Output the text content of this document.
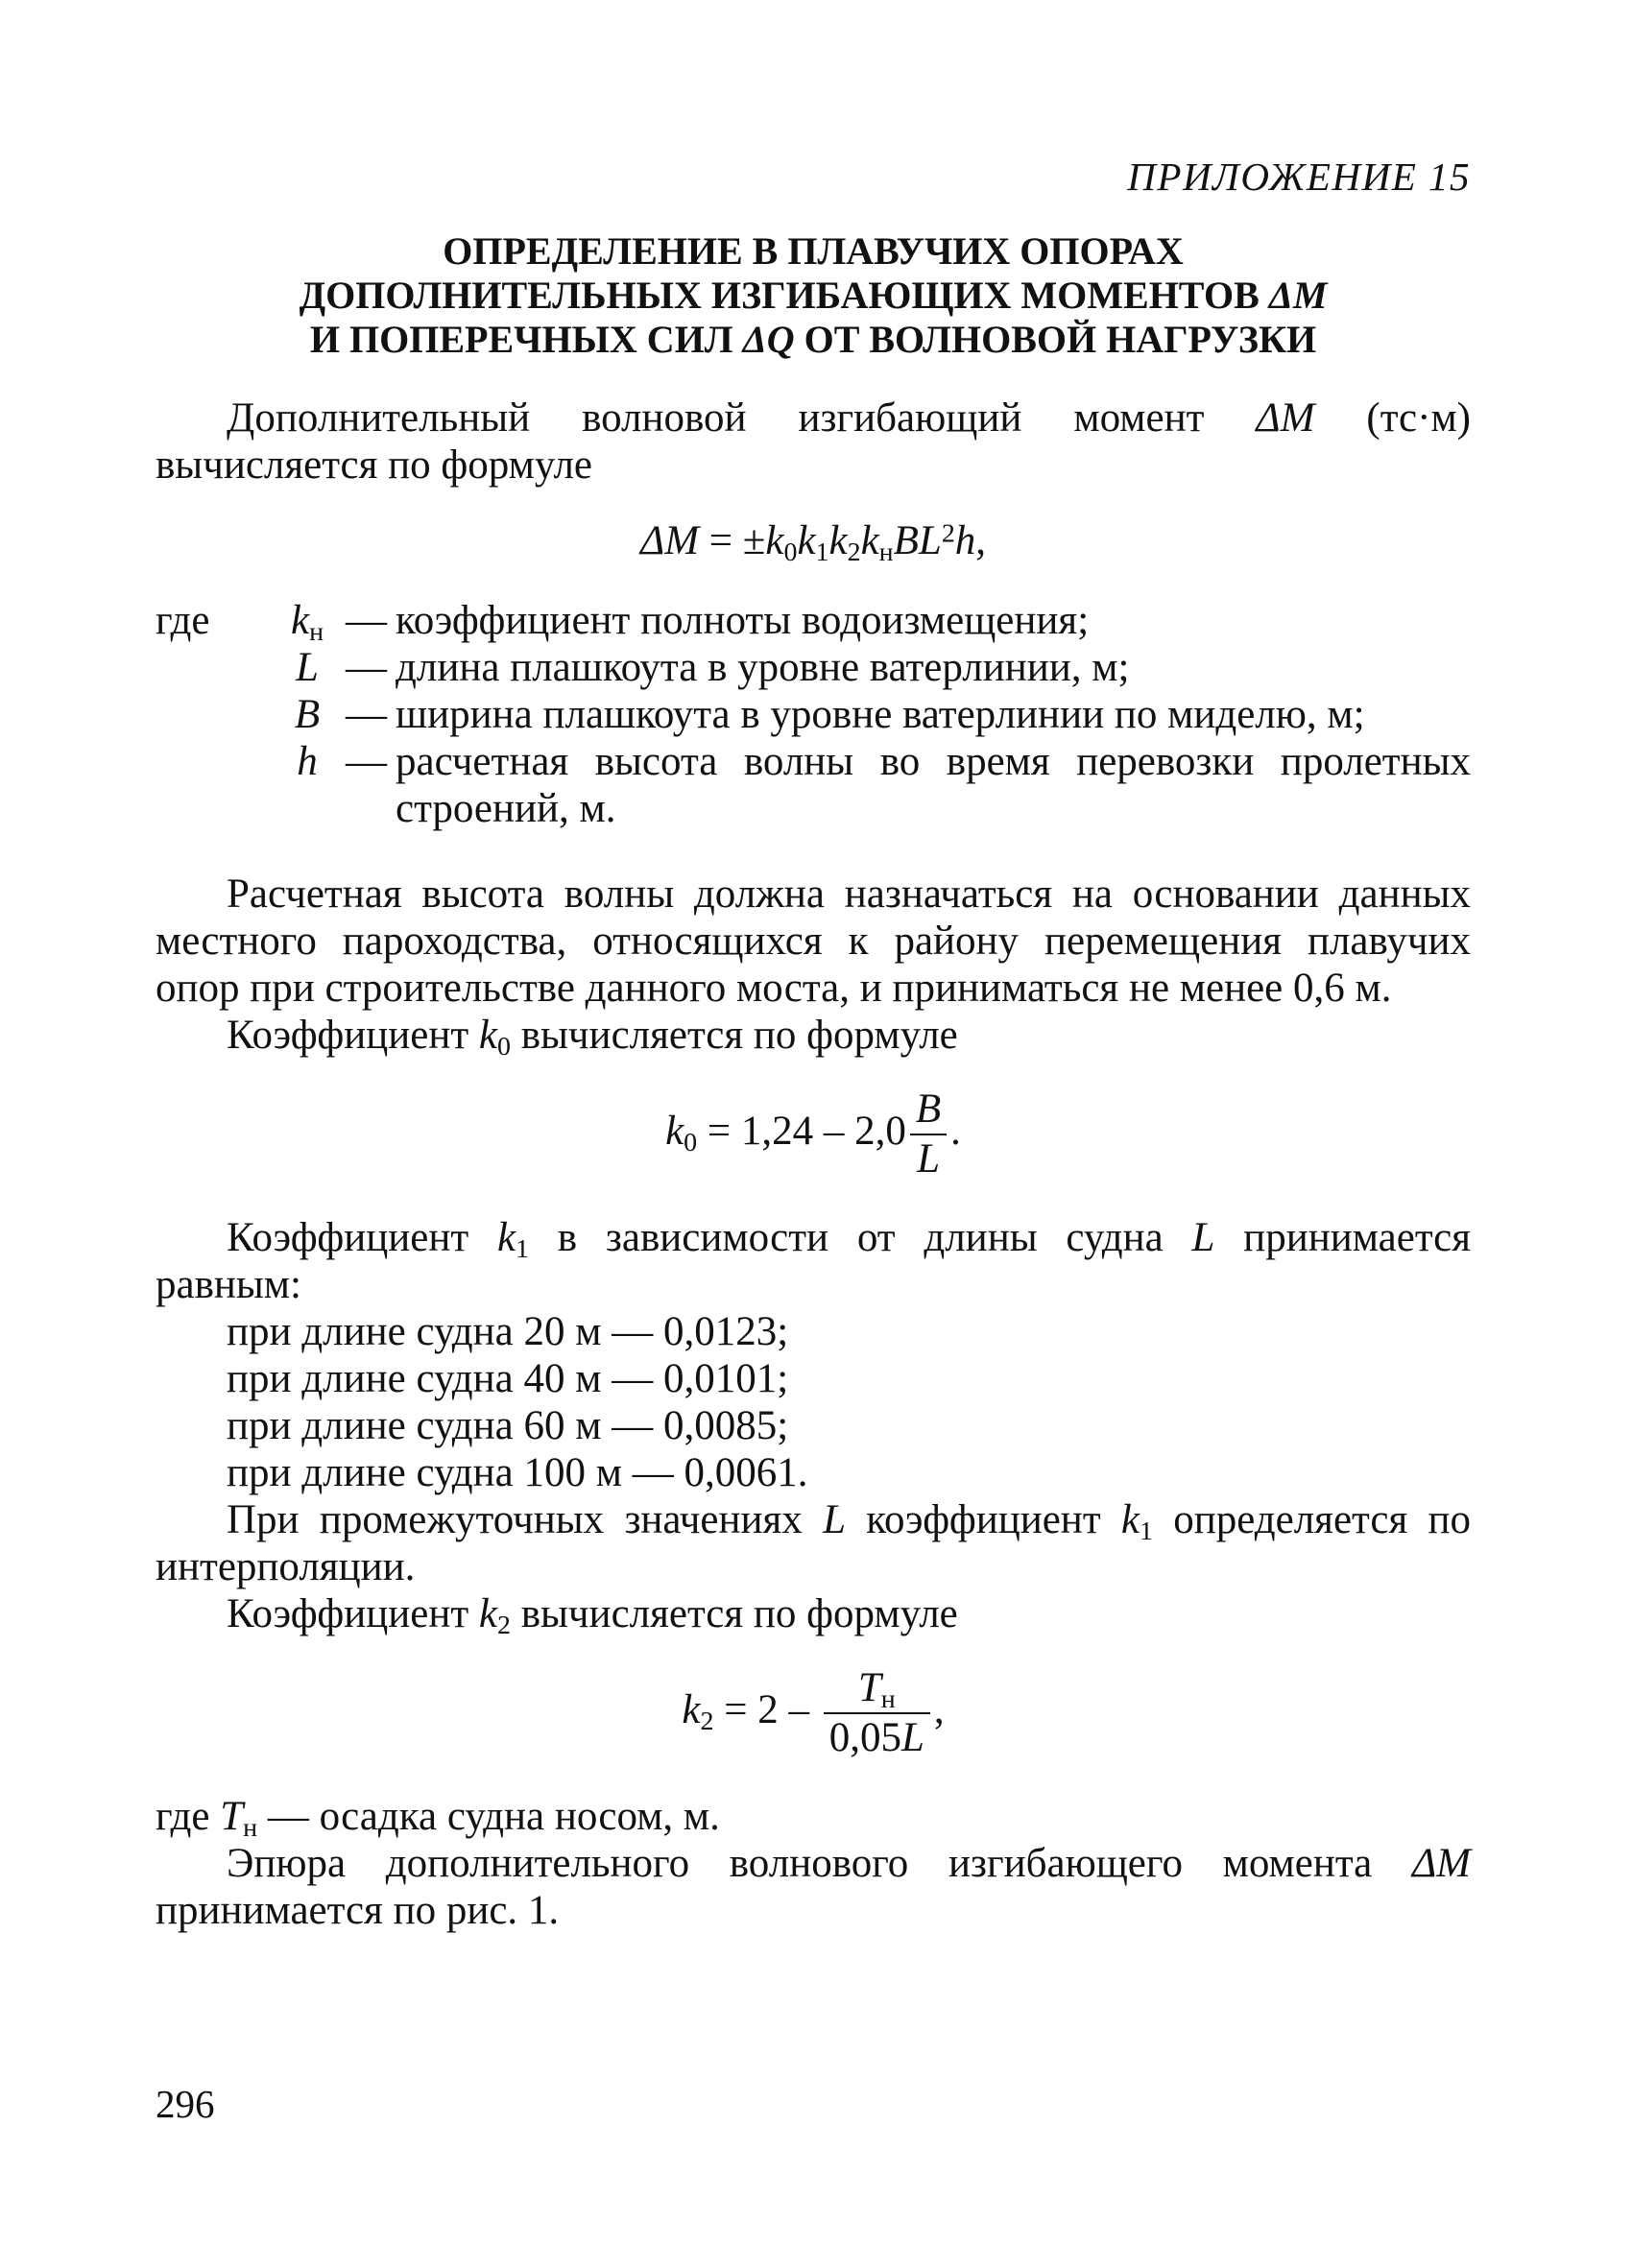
ПРИЛОЖЕНИЕ 15
ОПРЕДЕЛЕНИЕ В ПЛАВУЧИХ ОПОРАХ
ДОПОЛНИТЕЛЬНЫХ ИЗГИБАЮЩИХ МОМЕНТОВ ΔM
И ПОПЕРЕЧНЫХ СИЛ ΔQ ОТ ВОЛНОВОЙ НАГРУЗКИ

Дополнительный волновой изгибающий момент ΔM (тс·м) вычисляется по формуле

$\Delta M = \pm k_0k_1k_2k_нBL^2h$,
где	$k_н$ — коэффициент полноты водоизмещения;
L — длина плашкоута в уровне ватерлинии, м;
B — ширина плашкоута в уровне ватерлинии по миделю, м;
h — расчетная высота волны во время перевозки пролетных строений, м.

Расчетная высота волны должна назначаться на основании данных местного пароходства, относящихся к району перемещения плавучих опор при строительстве данного моста, и приниматься не менее 0,6 м.

Коэффициент $k_0$ вычисляется по формуле

$k_0 = 1,24 - 2,0 \frac{B}{L}$ .

Коэффициент $k_1$ в зависимости от длины судна L принимается равным:

при длине судна 20 м — 0,0123;

при длине судна 40 м — 0,0101;

при длине судна 60 м — 0,0085;

при длине судна 100 м — 0,0061.

При промежуточных значениях L коэффициент $k_1$ определяется по интерполяции.

Коэффициент $k_2$ вычисляется по формуле

$k_2 = 2 - \frac{T_н}{0,05L}$ ,

где $T_н$ — осадка судна носом, м.

Эпюра дополнительного волнового изгибающего момента ΔM принимается по рис. 1.

296
